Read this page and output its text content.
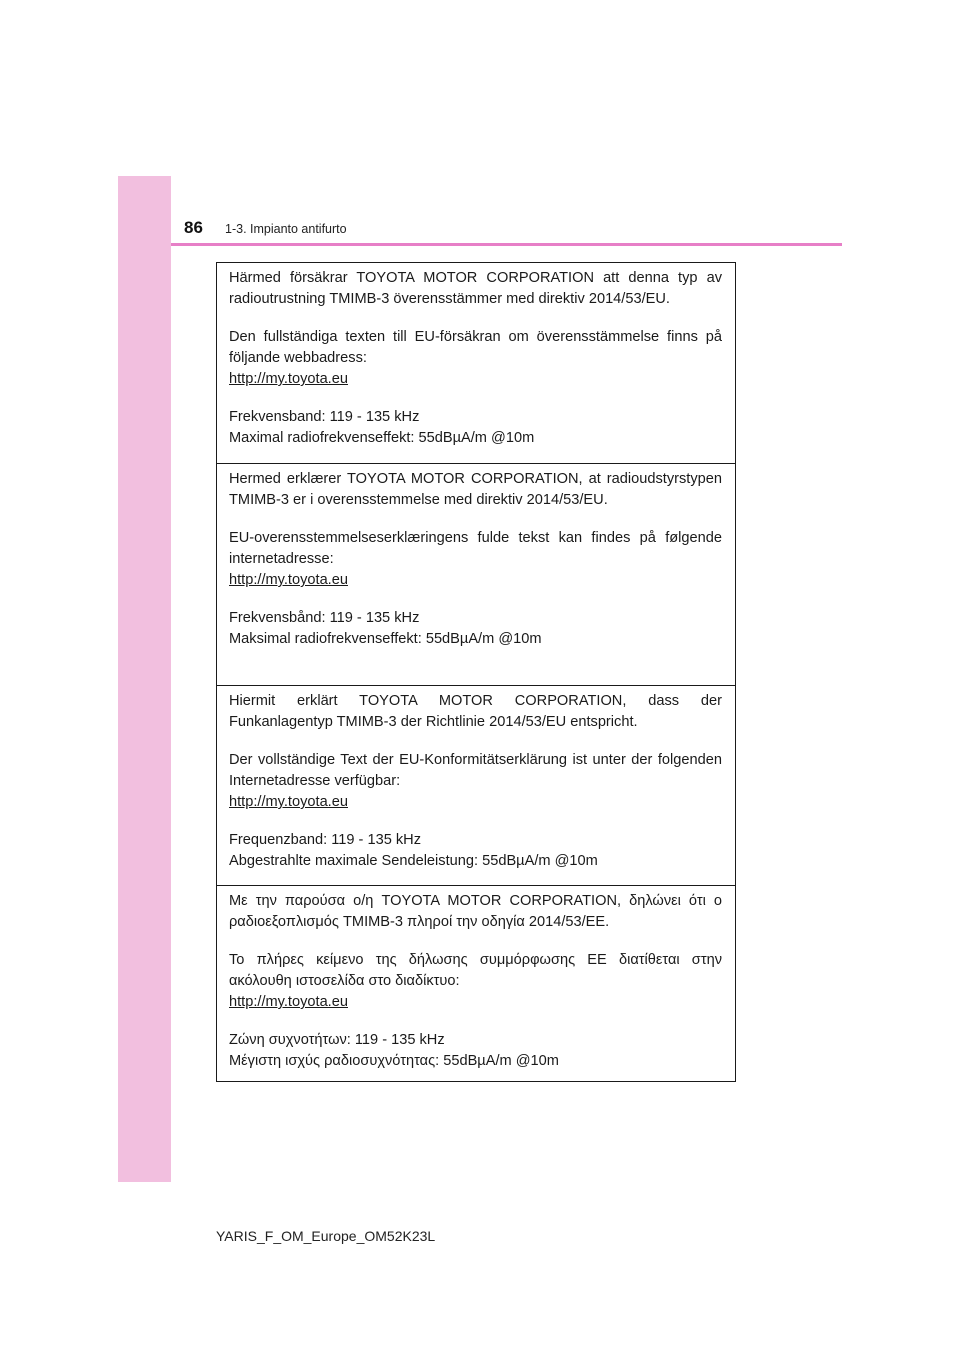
86 1-3. Impianto antifurto

Härmed försäkrar TOYOTA MOTOR CORPORATION att denna typ av radioutrustning TMIMB-3 överensstämmer med direktiv 2014/53/EU.

Den fullständiga texten till EU-försäkran om överensstämmelse finns på följande webbadress:
http://my.toyota.eu

Frekvensband: 119 - 135 kHz
Maximal radiofrekvenseffekt: 55dBµA/m @10m

Hermed erklærer TOYOTA MOTOR CORPORATION, at radioudstyrstypen TMIMB-3 er i overensstemmelse med direktiv 2014/53/EU.

EU-overensstemmelseserklæringens fulde tekst kan findes på følgende internetadresse:
http://my.toyota.eu

Frekvensbånd: 119 - 135 kHz
Maksimal radiofrekvenseffekt: 55dBµA/m @10m

Hiermit erklärt TOYOTA MOTOR CORPORATION, dass der Funkanlagentyp TMIMB-3 der Richtlinie 2014/53/EU entspricht.

Der vollständige Text der EU-Konformitätserklärung ist unter der folgenden Internetadresse verfügbar:
http://my.toyota.eu

Frequenzband: 119 - 135 kHz
Abgestrahlte maximale Sendeleistung: 55dBµA/m @10m

Με την παρούσα ο/η TOYOTA MOTOR CORPORATION, δηλώνει ότι ο ραδιοεξοπλισμός TMIMB-3 πληροί την οδηγία 2014/53/ΕΕ.

Το πλήρες κείμενο της δήλωσης συμμόρφωσης ΕΕ διατίθεται στην ακόλουθη ιστοσελίδα στο διαδίκτυο:
http://my.toyota.eu

Ζώνη συχνοτήτων: 119 - 135 kHz
Μέγιστη ισχύς ραδιοσυχνότητας: 55dBµA/m @10m

YARIS_F_OM_Europe_OM52K23L
